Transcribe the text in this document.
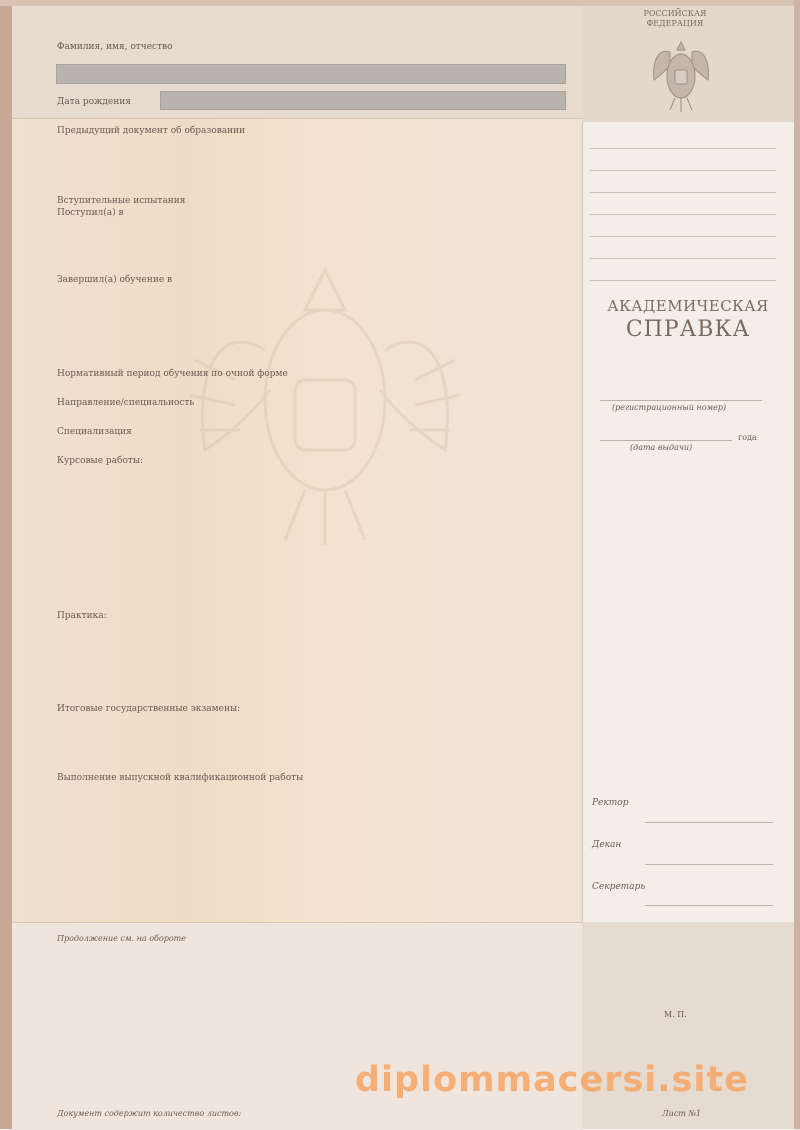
Фамилия, имя, отчество
Дата рождения
Предыдущий документ об образовании
Вступительные испытания
Поступил(а) в
Завершил(а) обучение в
Нормативный период обучения по очной форме
Направление/специальность
Специализация
Курсовые работы:
Практика:
Итоговые государственные экзамены:
Выполнение выпускной квалификационной работы
Продолжение см. на обороте
Документ содержит количество листов:
РОССИЙСКАЯ
ФЕДЕРАЦИЯ
АКАДЕМИЧЕСКАЯ
СПРАВКА
(регистрационный номер)
года
(дата выдачи)
Ректор
Декан
Секретарь
М. П.
Лист №1
diplommacersi.site
